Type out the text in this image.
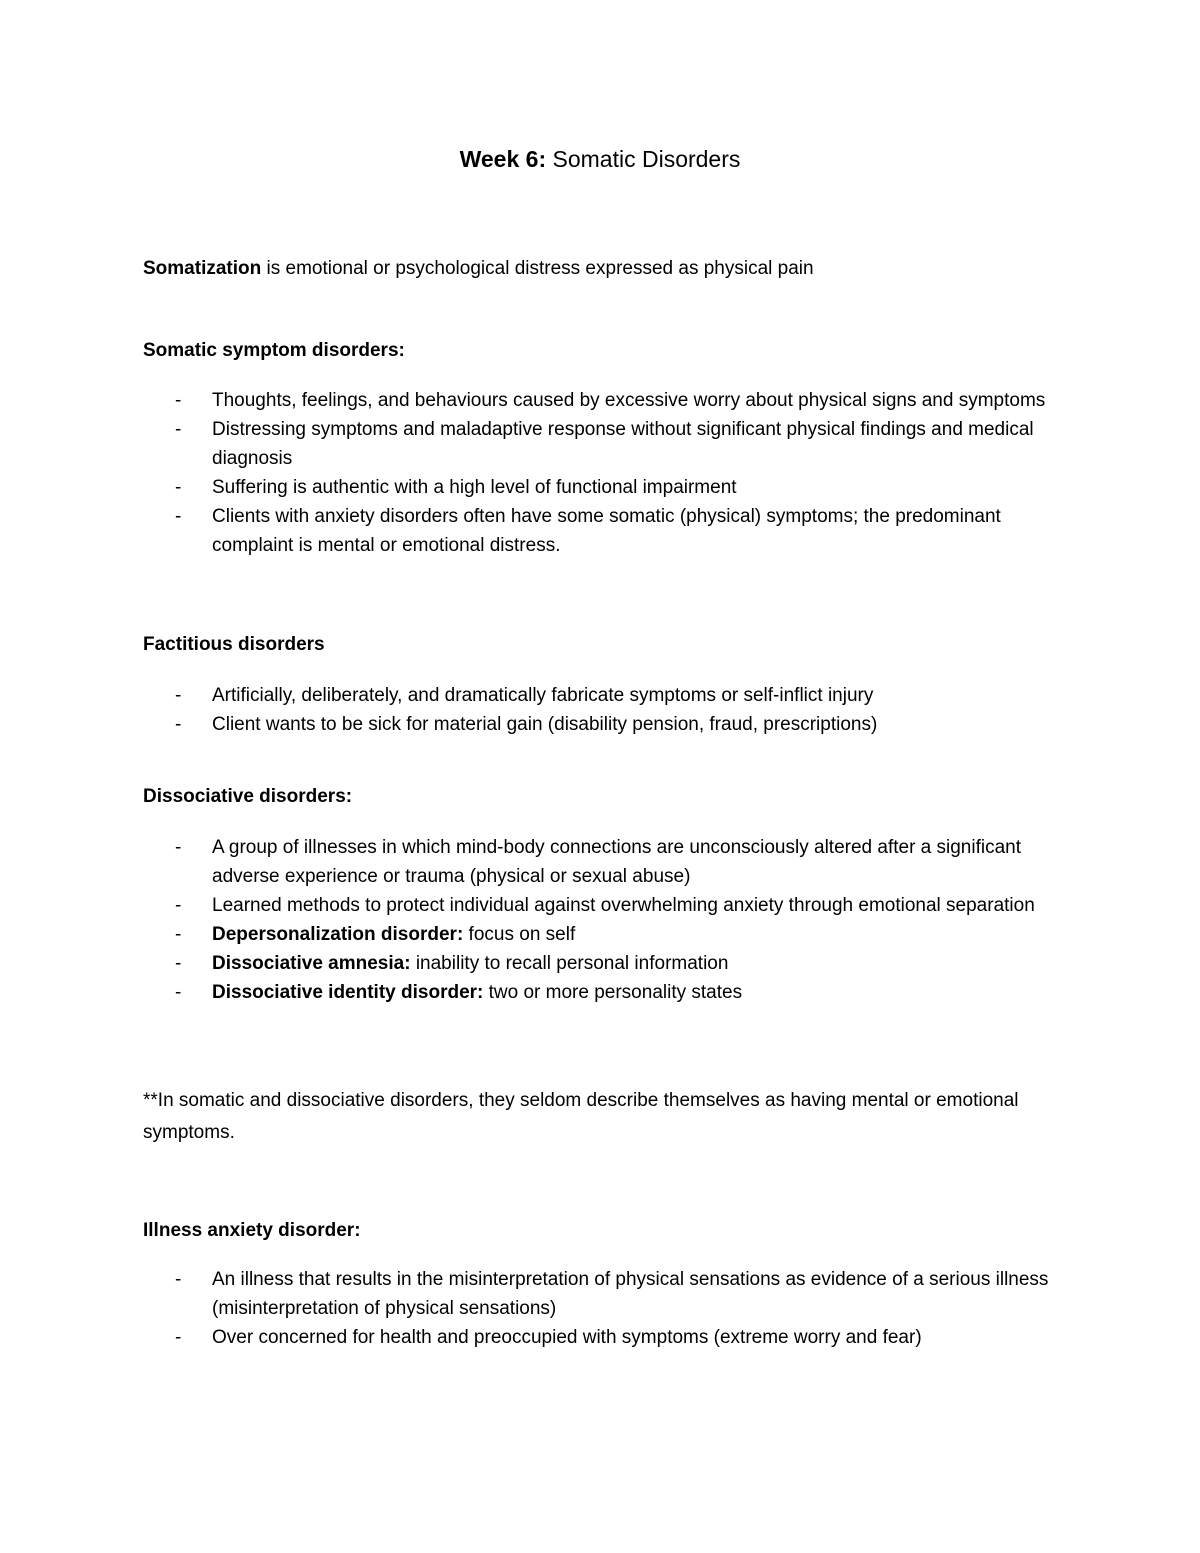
Week 6: Somatic Disorders
Somatization is emotional or psychological distress expressed as physical pain
Somatic symptom disorders:
- Thoughts, feelings, and behaviours caused by excessive worry about physical signs and symptoms
- Distressing symptoms and maladaptive response without significant physical findings and medical diagnosis
- Suffering is authentic with a high level of functional impairment
- Clients with anxiety disorders often have some somatic (physical) symptoms; the predominant complaint is mental or emotional distress.
Factitious disorders
- Artificially, deliberately, and dramatically fabricate symptoms or self-inflict injury
- Client wants to be sick for material gain (disability pension, fraud, prescriptions)
Dissociative disorders:
- A group of illnesses in which mind-body connections are unconsciously altered after a significant adverse experience or trauma (physical or sexual abuse)
- Learned methods to protect individual against overwhelming anxiety through emotional separation
- Depersonalization disorder: focus on self
- Dissociative amnesia: inability to recall personal information
- Dissociative identity disorder: two or more personality states
**In somatic and dissociative disorders, they seldom describe themselves as having mental or emotional symptoms.
Illness anxiety disorder:
- An illness that results in the misinterpretation of physical sensations as evidence of a serious illness (misinterpretation of physical sensations)
- Over concerned for health and preoccupied with symptoms (extreme worry and fear)
